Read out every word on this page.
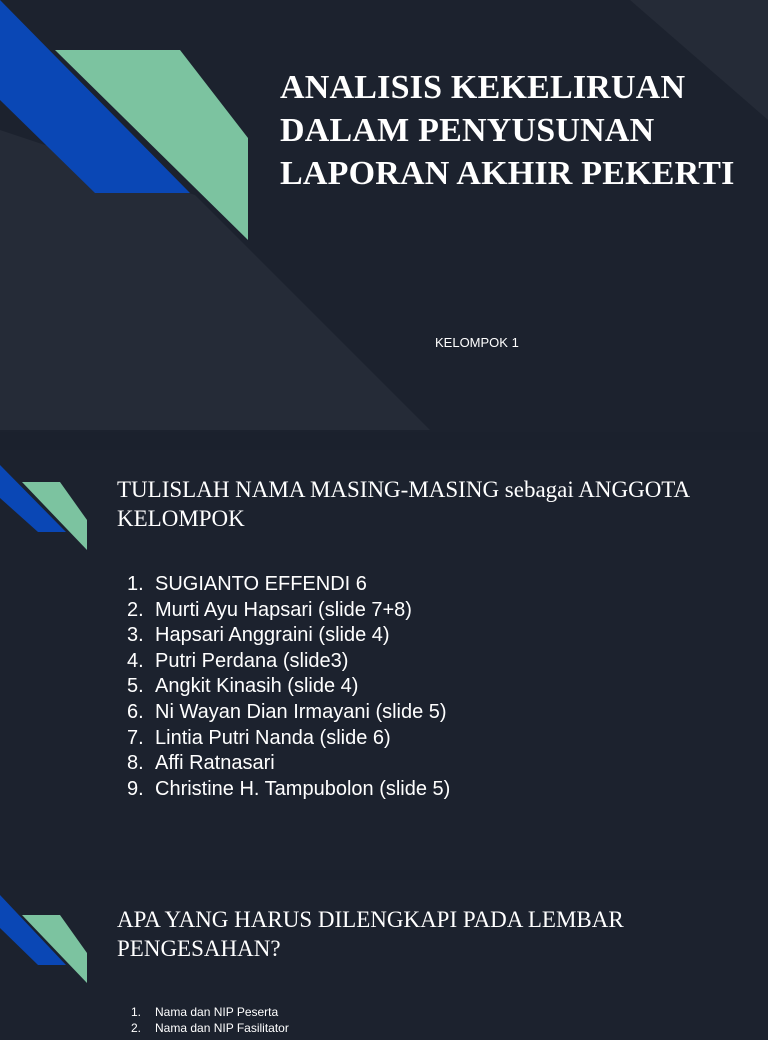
ANALISIS KEKELIRUAN DALAM PENYUSUNAN LAPORAN AKHIR PEKERTI
KELOMPOK 1
TULISLAH NAMA MASING-MASING sebagai ANGGOTA KELOMPOK
1. SUGIANTO EFFENDI 6
2. Murti Ayu Hapsari (slide 7+8)
3. Hapsari Anggraini (slide 4)
4. Putri Perdana (slide3)
5. Angkit Kinasih (slide 4)
6. Ni Wayan Dian Irmayani (slide 5)
7. Lintia Putri Nanda (slide 6)
8. Affi Ratnasari
9. Christine H. Tampubolon (slide 5)
APA YANG HARUS DILENGKAPI PADA LEMBAR PENGESAHAN?
1. Nama dan NIP Peserta
2. Nama dan NIP Fasilitator
